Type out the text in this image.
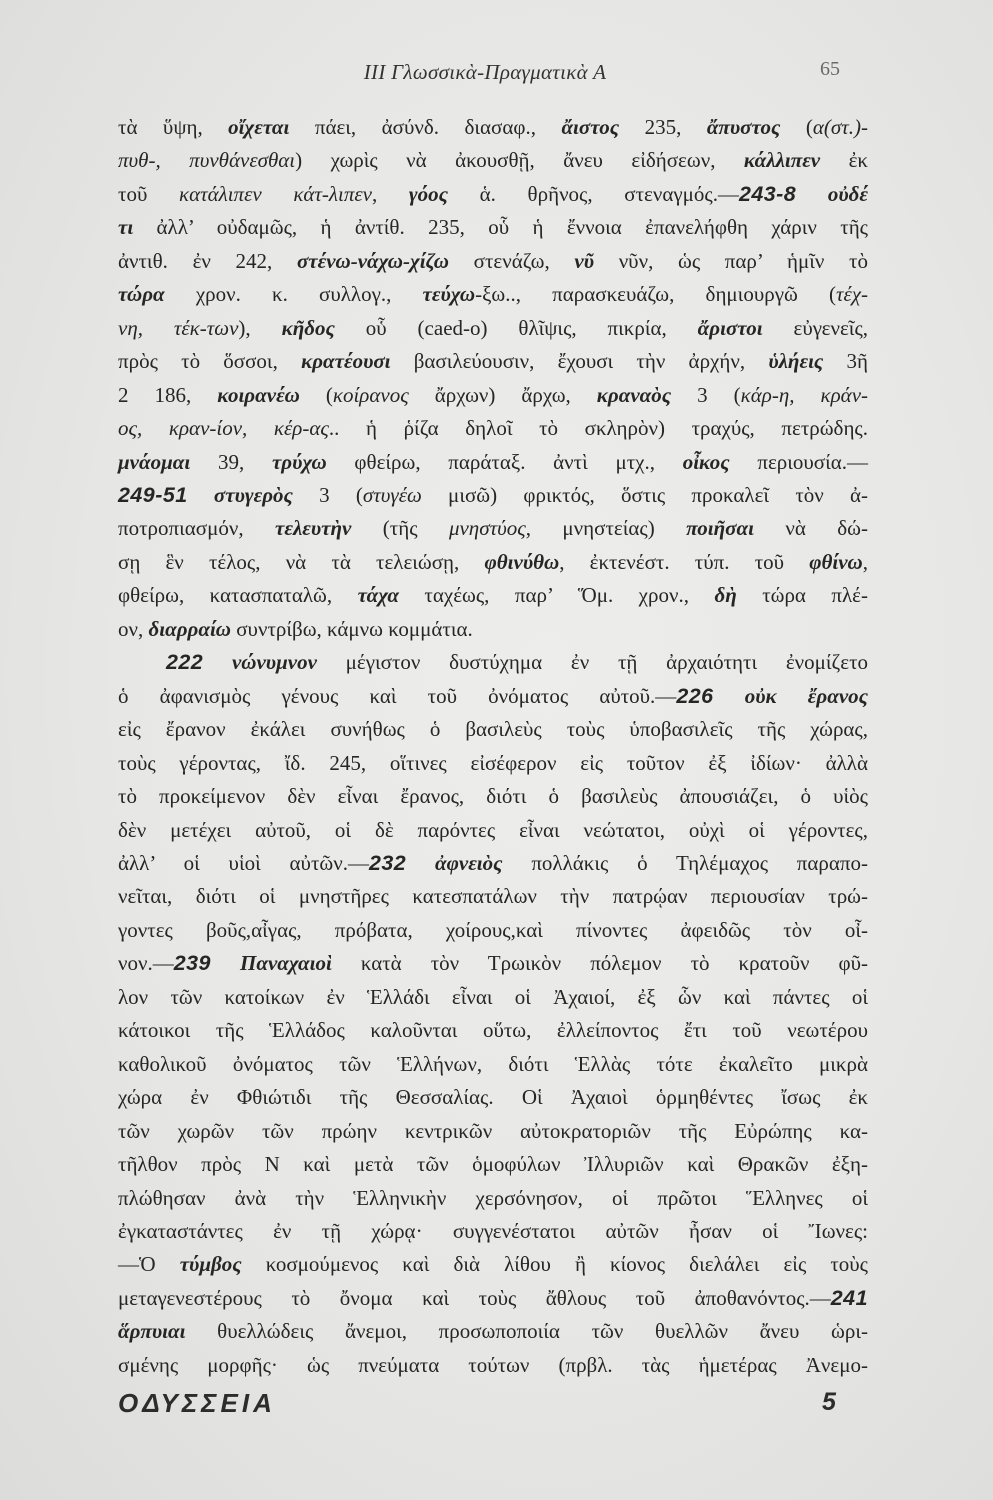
III Γλωσσικὰ-Πραγματικὰ Α	65
τὰ ὕψη, οἴχεται πάει, ἀσύνδ. διασαφ., ἄιστος 235, ἄπυστος (α(στ.)-
πυθ-, πυνθάνεσθαι) χωρὶς νὰ ἀκουσθῇ, ἄνευ εἰδήσεων, κάλλιπεν ἐκ
τοῦ κατάλιπεν κάτ-λιπεν, γόος ἁ. θρῆνος, στεναγμός.—243-8 οὐδέ
τι ἀλλ’ οὐδαμῶς, ἡ ἀντίθ. 235, οὗ ἡ ἔννοια ἐπανελήφθη χάριν τῆς
ἀντιθ. ἐν 242, στένω-νάχω-χίζω στενάζω, νῦ νῦν, ὡς παρ’ ἡμῖν τὸ
τώρα χρον. κ. συλλογ., τεύχω-ξω.., παρασκευάζω, δημιουργῶ (τέχ-
νη, τέκ-των), κῆδος οὗ (caed-o) θλῖψις, πικρία, ἄριστοι εὐγενεῖς,
πρὸς τὸ ὅσσοι, κρατέουσι βασιλεύουσιν, ἔχουσι τὴν ἀρχήν, ὑλήεις 3ῆ
2 186, κοιρανέω (κοίρανος ἄρχων) ἄρχω, κραναὸς 3 (κάρ-η, κράν-
ος, κραν-ίον, κέρ-ας.. ἡ ῥίζα δηλοῖ τὸ σκληρὸν) τραχύς, πετρώδης.
μνάομαι 39, τρύχω φθείρω, παράταξ. ἀντὶ μτχ., οἶκος περιουσία.—
249-51 στυγερὸς 3 (στυγέω μισῶ) φρικτός, ὅστις προκαλεῖ τὸν ἀ-
ποτροπιασμόν, τελευτὴν (τῆς μνηστύος, μνηστείας) ποιῆσαι νὰ δώ-
σῃ ἓν τέλος, νὰ τὰ τελειώσῃ, φθινύθω, ἐκτενέστ. τύπ. τοῦ φθίνω,
φθείρω, κατασπαταλῶ, τάχα ταχέως, παρ’ Ὅμ. χρον., δὴ τώρα πλέ-
ον, διαρραίω συντρίβω, κάμνω κομμάτια.
222 νώνυμνον μέγιστον δυστύχημα ἐν τῇ ἀρχαιότητι ἐνομίζετο
ὁ ἀφανισμὸς γένους καὶ τοῦ ὀνόματος αὐτοῦ.—226 οὐκ ἔρανος
εἰς ἔρανον ἐκάλει συνήθως ὁ βασιλεὺς τοὺς ὑποβασιλεῖς τῆς χώρας,
τοὺς γέροντας, ἴδ. 245, οἵτινες εἰσέφερον εἰς τοῦτον ἐξ ἰδίων· ἀλλὰ
τὸ προκείμενον δὲν εἶναι ἔρανος, διότι ὁ βασιλεὺς ἀπουσιάζει, ὁ υἱὸς
δὲν μετέχει αὐτοῦ, οἱ δὲ παρόντες εἶναι νεώτατοι, οὐχὶ οἱ γέροντες,
ἀλλ’ οἱ υἱοὶ αὐτῶν.—232 ἀφνειὸς πολλάκις ὁ Τηλέμαχος παραπο-
νεῖται, διότι οἱ μνηστῆρες κατεσπατάλων τὴν πατρῴαν περιουσίαν τρώ-
γοντες βοῦς,αἶγας, πρόβατα, χοίρους,καὶ πίνοντες ἀφειδῶς τὸν οἶ-
νον.—239 Παναχαιοὶ κατὰ τὸν Τρωικὸν πόλεμον τὸ κρατοῦν φῦ-
λον τῶν κατοίκων ἐν Ἑλλάδι εἶναι οἱ Ἀχαιοί, ἐξ ὧν καὶ πάντες οἱ
κάτοικοι τῆς Ἑλλάδος καλοῦνται οὕτω, ἐλλείποντος ἔτι τοῦ νεωτέρου
καθολικοῦ ὀνόματος τῶν Ἑλλήνων, διότι Ἑλλὰς τότε ἐκαλεῖτο μικρὰ
χώρα ἐν Φθιώτιδι τῆς Θεσσαλίας. Οἱ Ἀχαιοὶ ὁρμηθέντες ἴσως ἐκ
τῶν χωρῶν τῶν πρώην κεντρικῶν αὐτοκρατοριῶν τῆς Εὐρώπης κα-
τῆλθον πρὸς Ν καὶ μετὰ τῶν ὁμοφύλων Ἰλλυριῶν καὶ Θρακῶν ἐξη-
πλώθησαν ἀνὰ τὴν Ἑλληνικὴν χερσόνησον, οἱ πρῶτοι Ἕλληνες οἱ
ἐγκαταστάντες ἐν τῇ χώρᾳ· συγγενέστατοι αὐτῶν ἦσαν οἱ Ἴωνες:
—Ὁ τύμβος κοσμούμενος καὶ διὰ λίθου ἢ κίονος διελάλει εἰς τοὺς
μεταγενεστέρους τὸ ὄνομα καὶ τοὺς ἄθλους τοῦ ἀποθανόντος.—241
ἅρπυιαι θυελλώδεις ἄνεμοι, προσωποποιία τῶν θυελλῶν ἄνευ ὡρι-
σμένης μορφῆς· ὡς πνεύματα τούτων (πρβλ. τὰς ἡμετέρας Ἀνεμο-
ΟΔΥΣΣΕΙΑ	5
